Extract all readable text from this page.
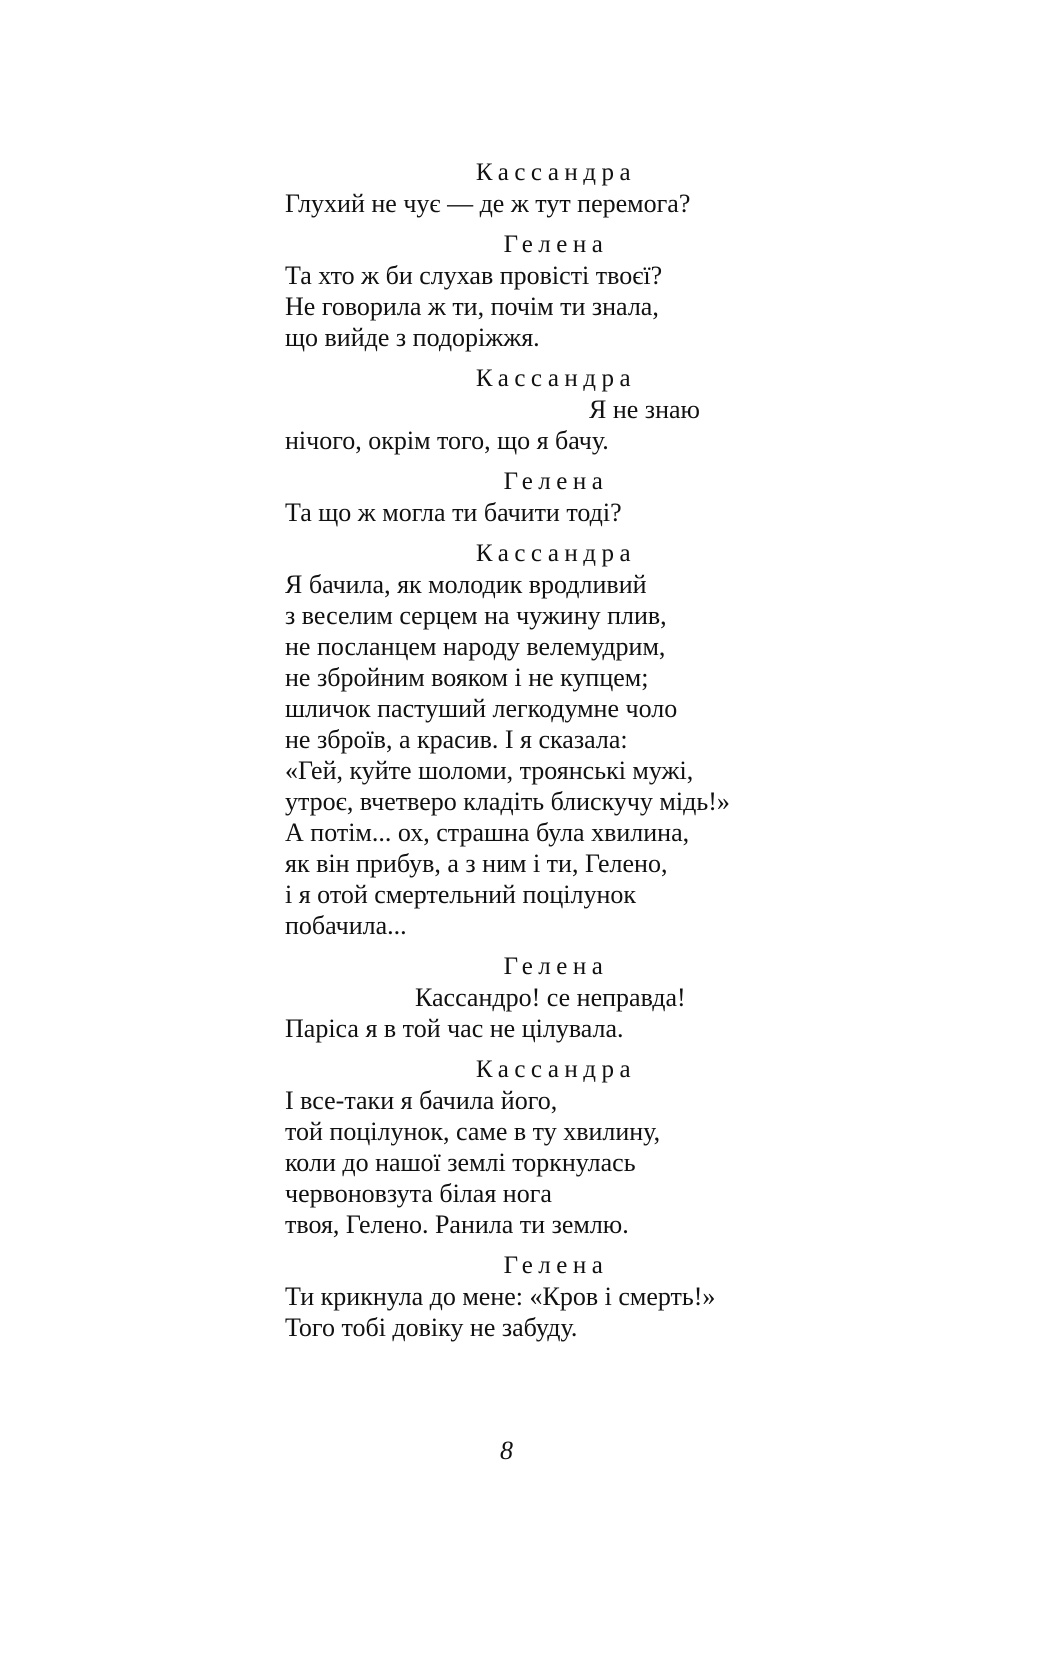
Кассандра
Глухий не чує — де ж тут перемога?
Гелена
Та хто ж би слухав провісті твоєї?
Не говорила ж ти, почім ти знала,
що вийде з подоріжжя.
Кассандра
Я не знаю
нічого, окрім того, що я бачу.
Гелена
Та що ж могла ти бачити тоді?
Кассандра
Я бачила, як молодик вродливий
з веселим серцем на чужину плив,
не посланцем народу велемудрим,
не збройним вояком і не купцем;
шличок пастуший легкодумне чоло
не зброїв, а красив. І я сказала:
«Гей, куйте шоломи, троянські мужі,
утроє, вчетверо кладіть блискучу мідь!»
А потім... ох, страшна була хвилина,
як він прибув, а з ним і ти, Гелено,
і я отой смертельний поцілунок
побачила...
Гелена
Кассандро! се неправда!
Паріса я в той час не цілувала.
Кассандра
І все-таки я бачила його,
той поцілунок, саме в ту хвилину,
коли до нашої землі торкнулась
червоновзута білая нога
твоя, Гелено. Ранила ти землю.
Гелена
Ти крикнула до мене: «Кров і смерть!»
Того тобі довіку не забуду.
8
